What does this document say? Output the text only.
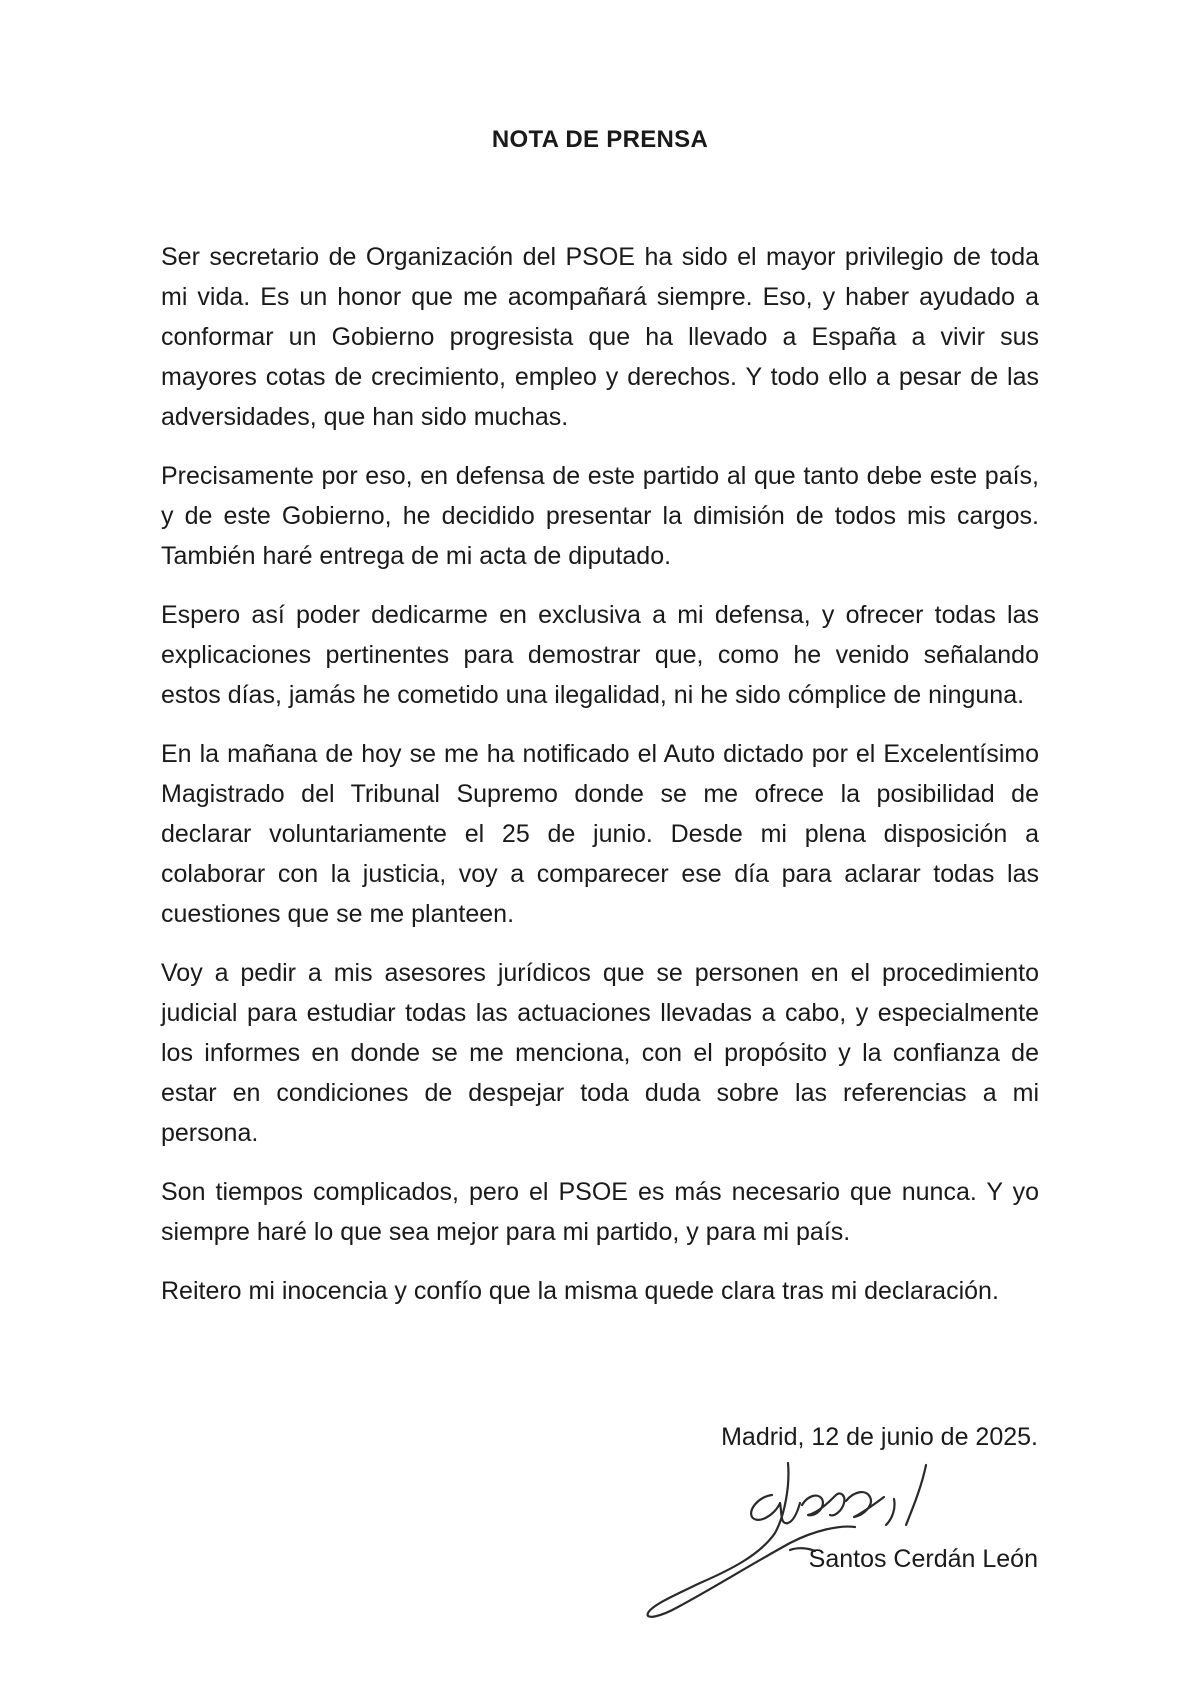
NOTA DE PRENSA

Ser secretario de Organización del PSOE ha sido el mayor privilegio de toda mi vida. Es un honor que me acompañará siempre. Eso, y haber ayudado a conformar un Gobierno progresista que ha llevado a España a vivir sus mayores cotas de crecimiento, empleo y derechos. Y todo ello a pesar de las adversidades, que han sido muchas.

Precisamente por eso, en defensa de este partido al que tanto debe este país, y de este Gobierno, he decidido presentar la dimisión de todos mis cargos. También haré entrega de mi acta de diputado.

Espero así poder dedicarme en exclusiva a mi defensa, y ofrecer todas las explicaciones pertinentes para demostrar que, como he venido señalando estos días, jamás he cometido una ilegalidad, ni he sido cómplice de ninguna.

En la mañana de hoy se me ha notificado el Auto dictado por el Excelentísimo Magistrado del Tribunal Supremo donde se me ofrece la posibilidad de declarar voluntariamente el 25 de junio. Desde mi plena disposición a colaborar con la justicia, voy a comparecer ese día para aclarar todas las cuestiones que se me planteen.

Voy a pedir a mis asesores jurídicos que se personen en el procedimiento judicial para estudiar todas las actuaciones llevadas a cabo, y especialmente los informes en donde se me menciona, con el propósito y la confianza de estar en condiciones de despejar toda duda sobre las referencias a mi persona.

Son tiempos complicados, pero el PSOE es más necesario que nunca. Y yo siempre haré lo que sea mejor para mi partido, y para mi país.

Reitero mi inocencia y confío que la misma quede clara tras mi declaración.

Madrid, 12 de junio de 2025.
Santos Cerdán León
